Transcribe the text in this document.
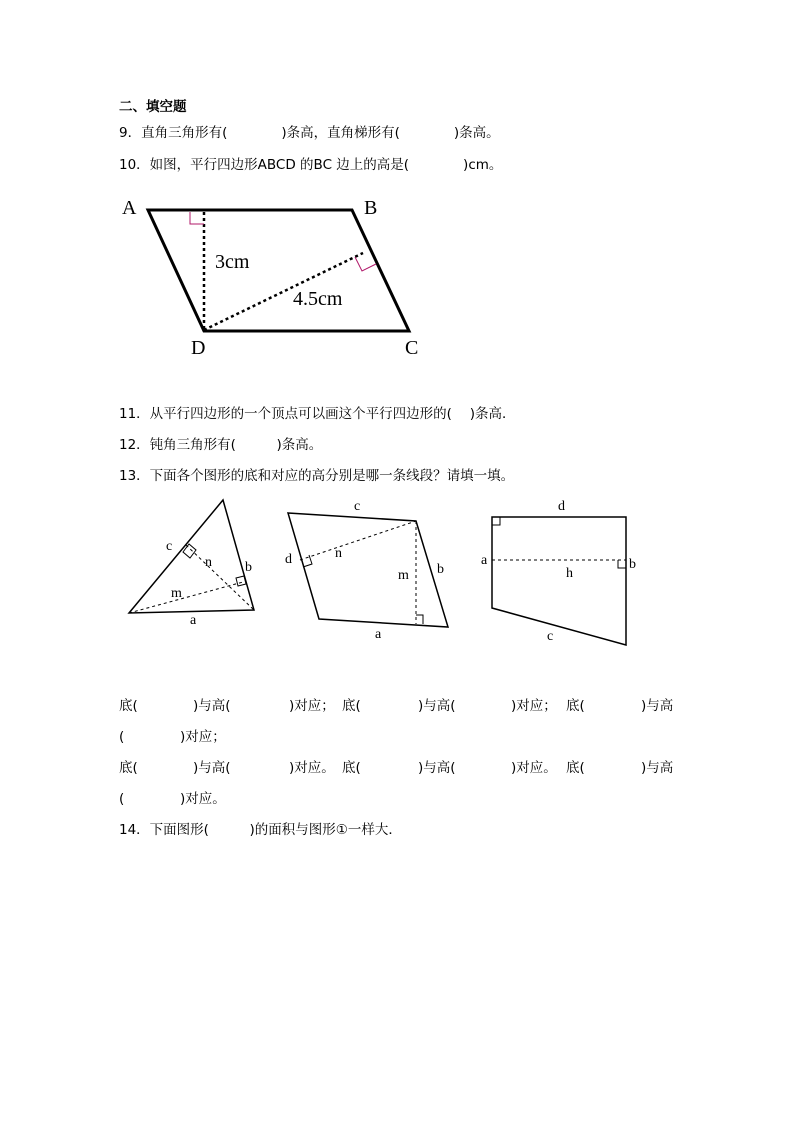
二、填空题
9．直角三角形有(　　　　)条高，直角梯形有(　　　　)条高。
10．如图，平行四边形ABCD 的BC 边上的高是(　　　　)cm。
A	B
D	C
3cm
4.5cm
11．从平行四边形的一个顶点可以画这个平行四边形的(　 )条高．
12．钝角三角形有(　　　)条高。
13．下面各个图形的底和对应的高分别是哪一条线段？请填一填。
c
n b
m
a
c
d	n
m b
a
d
a
h
b
c
底(	)与高(	)对应； 底(	)与高(	)对应； 底(	)与高
(	)对应；
底(	)与高(	)对应。 底(	)与高(	)对应。 底(	)与高
(	)对应。
14．下面图形(　　　)的面积与图形①一样大．
